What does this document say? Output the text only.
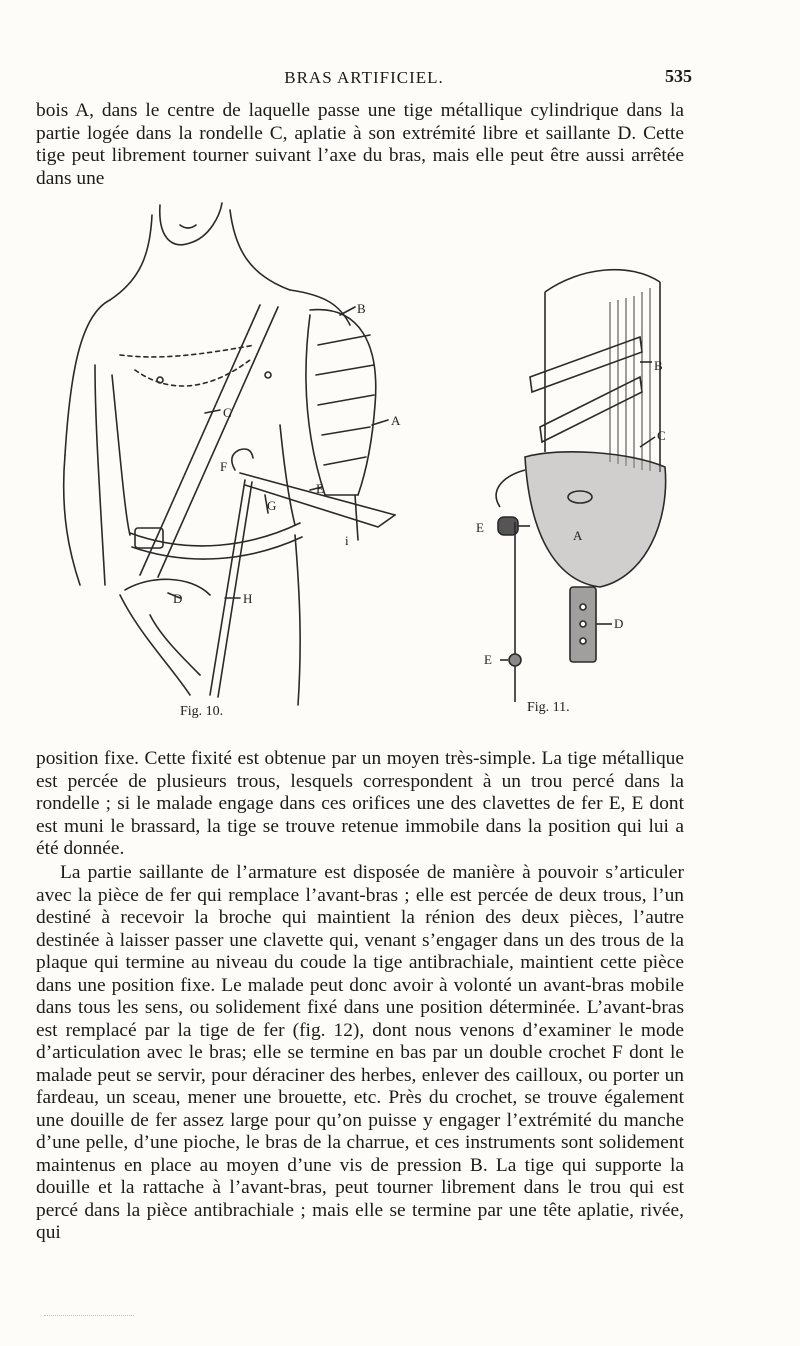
BRAS ARTIFICIEL.	535

bois A, dans le centre de laquelle passe une tige métallique cylindrique dans la partie logée dans la rondelle C, aplatie à son extrémité libre et saillante D. Cette tige peut librement tourner suivant l’axe du bras, mais elle peut être aussi arrêtée dans une

B
C
A
F
E
G
i
D	H
Fig. 10.
B
C
A
E
D
E
Fig. 11.

position fixe. Cette fixité est obtenue par un moyen très-simple. La tige métallique est percée de plusieurs trous, lesquels correspondent à un trou percé dans la rondelle ; si le malade engage dans ces orifices une des clavettes de fer E, E dont est muni le brassard, la tige se trouve retenue immobile dans la position qui lui a été donnée.

La partie saillante de l’armature est disposée de manière à pouvoir s’articuler avec la pièce de fer qui remplace l’avant-bras ; elle est percée de deux trous, l’un destiné à recevoir la broche qui maintient la rénion des deux pièces, l’autre destinée à laisser passer une clavette qui, venant s’engager dans un des trous de la plaque qui termine au niveau du coude la tige antibrachiale, maintient cette pièce dans une position fixe. Le malade peut donc avoir à volonté un avant-bras mobile dans tous les sens, ou solidement fixé dans une position déterminée. L’avant-bras est remplacé par la tige de fer (fig. 12), dont nous venons d’examiner le mode d’articulation avec le bras; elle se termine en bas par un double crochet F dont le malade peut se servir, pour déraciner des herbes, enlever des cailloux, ou porter un fardeau, un sceau, mener une brouette, etc. Près du crochet, se trouve également une douille de fer assez large pour qu’on puisse y engager l’extrémité du manche d’une pelle, d’une pioche, le bras de la charrue, et ces instruments sont solidement maintenus en place au moyen d’une vis de pression B. La tige qui supporte la douille et la rattache à l’avant-bras, peut tourner librement dans le trou qui est percé dans la pièce antibrachiale ; mais elle se termine par une tête aplatie, rivée, qui
